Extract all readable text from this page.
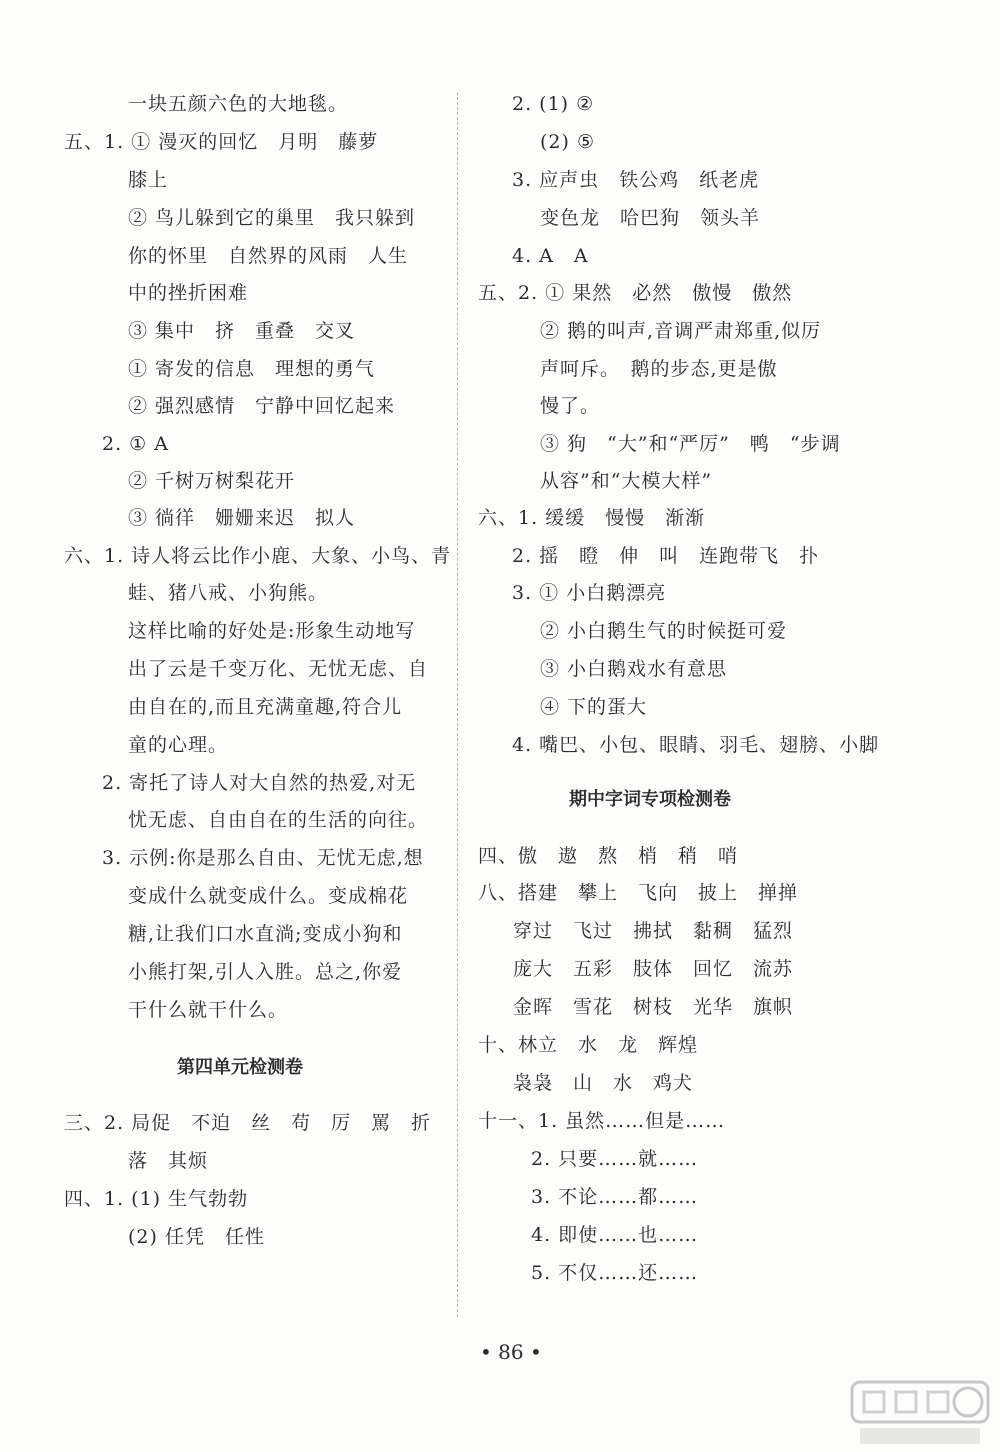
一块五颜六色的大地毯。
五、1. ① 漫灭的回忆　月明　藤萝
膝上
② 鸟儿躲到它的巢里　我只躲到
你的怀里　自然界的风雨　人生
中的挫折困难
③ 集中　挤　重叠　交叉
① 寄发的信息　理想的勇气
② 强烈感情　宁静中回忆起来
2. ① A
② 千树万树梨花开
③ 徜徉　姗姗来迟　拟人
六、1. 诗人将云比作小鹿、大象、小鸟、青
蛙、猪八戒、小狗熊。
这样比喻的好处是:形象生动地写
出了云是千变万化、无忧无虑、自
由自在的,而且充满童趣,符合儿
童的心理。
2. 寄托了诗人对大自然的热爱,对无
忧无虑、自由自在的生活的向往。
3. 示例:你是那么自由、无忧无虑,想
变成什么就变成什么。变成棉花
糖,让我们口水直淌;变成小狗和
小熊打架,引人入胜。总之,你爱
干什么就干什么。
第四单元检测卷
三、2. 局促　不迫　丝　苟　厉　罵　折
落　其烦
四、1. (1) 生气勃勃
(2) 任凭　任性
2. (1) ②
(2) ⑤
3. 应声虫　铁公鸡　纸老虎
变色龙　哈巴狗　领头羊
4. A　A
五、2. ① 果然　必然　傲慢　傲然
② 鹅的叫声,音调严肃郑重,似厉
声呵斥。　鹅的步态,更是傲
慢了。
③ 狗　“大”和“严厉”　鸭　“步调
从容”和“大模大样”
六、1. 缓缓　慢慢　渐渐
2. 摇　瞪　伸　叫　连跑带飞　扑
3. ① 小白鹅漂亮
② 小白鹅生气的时候挺可爱
③ 小白鹅戏水有意思
④ 下的蛋大
4. 嘴巴、小包、眼睛、羽毛、翅膀、小脚
期中字词专项检测卷
四、傲　遨　熬　梢　稍　哨
八、搭建　攀上　飞向　披上　掸掸
穿过　飞过　拂拭　黏稠　猛烈
庞大　五彩　肢体　回忆　流苏
金晖　雪花　树枝　光华　旗帜
十、林立　水　龙　辉煌
袅袅　山　水　鸡犬
十一、1. 虽然……但是……
2. 只要……就……
3. 不论……都……
4. 即使……也……
5. 不仅……还……
• 86 •
